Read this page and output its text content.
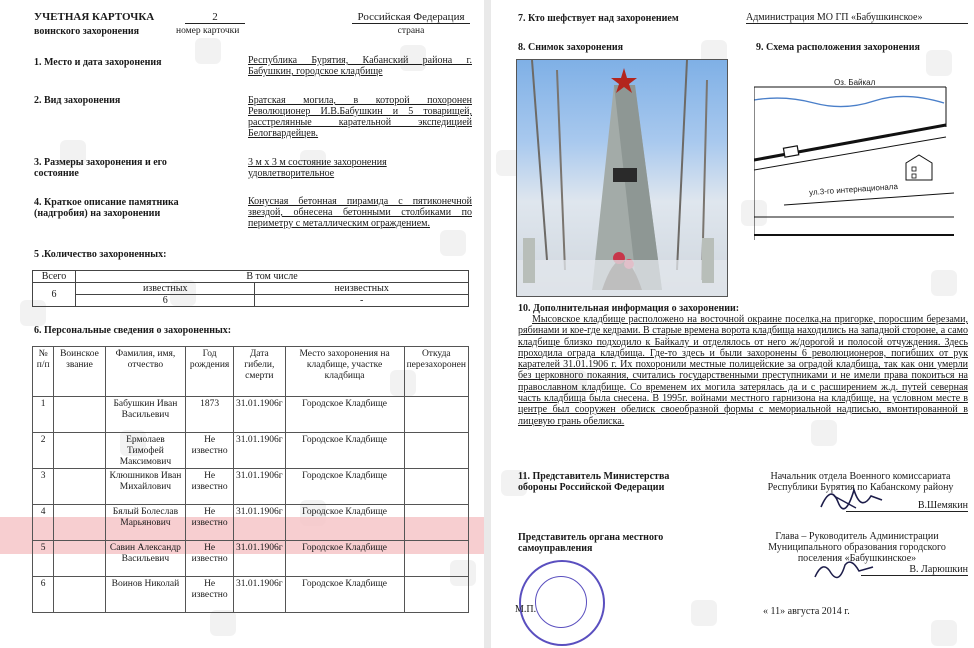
УЧЕТНАЯ КАРТОЧКА
воинского захоронения
2
номер карточки
Российская Федерация
страна
1. Место и дата захоронения	Республика Бурятия, Кабанский района г. Бабушкин, городское кладбище
2. Вид захоронения	Братская могила, в которой похоронен Революционер И.В.Бабушкин и 5 товарищей, расстрелянные карательной экспедицией Белогвардейцев.
3. Размеры захоронения и его состояние
3 м х 3 м состояние захоронения удовлетворительное
4. Краткое описание памятника (надгробия) на захоронении
Конусная бетонная пирамида с пятиконечной звездой, обнесена бетонными столбиками по периметру с металлическим ограждением.
5 .Количество захороненных:
Всего	В том числе	
6	известных	неизвестных
	6	-
6. Персональные сведения о захороненных:
№ п/п	Воинское звание	Фамилия, имя, отчество	Год рождения	Дата гибели, смерти	Место захоронения на кладбище, участке кладбища	Откуда перезахоронен
1		Бабушкин Иван Васильевич	1873	31.01.1906г	Городское Кладбище	
2		Ермолаев Тимофей Максимович	Не известно	31.01.1906г	Городское Кладбище	
3		Клюшников Иван Михайлович	Не известно	31.01.1906г	Городское Кладбище	
4		Бялый Болеслав Марьянович	Не известно	31.01.1906г	Городское Кладбище	
5		Савин Александр Васильевич	Не известно	31.01.1906г	Городское Кладбище	
6		Воинов Николай	Не известно	31.01.1906г	Городское Кладбище	
7. Кто шефствует над захоронением	Администрация МО ГП «Бабушкинское»
8. Снимок захоронения	9. Схема расположения захоронения
Оз. Байкал
ул.3-го интернационала
10. Дополнительная информация о захоронении:
Мысовское кладбище расположено на восточной окраине поселка,на пригорке, поросшим березами, рябинами и кое-где кедрами. В старые времена ворота кладбища находились на западной стороне, а само кладбище близко подходило к Байкалу и отделялось от него ж/дорогой и полосой отчуждения. Здесь проходила ограда кладбища. Где-то здесь и были захоронены 6 революционеров, погибших от рук карателей 31.01.1906 г. Их похоронили местные полицейские за оградой кладбища, так как они умерли без церковного покаяния, считались государственными преступниками и не имели права покоиться на православном кладбище. Со временем их могила затерялась да и с расширением ж.д. путей северная часть кладбища была снесена. В 1995г. войнами местного гарнизона на кладбище, на условном месте в центре был сооружен обелиск своеобразной формы с мемориальной надписью, вмонтированной в лицевую грань обелиска.
11. Представитель Министерства обороны Российской Федерации
Начальник отдела Военного комиссариата Республики Бурятия по Кабанскому району
В.Шемякин
Представитель органа местного самоуправления
Глава – Руководитель Администрации Муниципального образования городского поселения «Бабушкинское»
В. Ларюшкин
М.П.	« 11» августа 2014 г.
